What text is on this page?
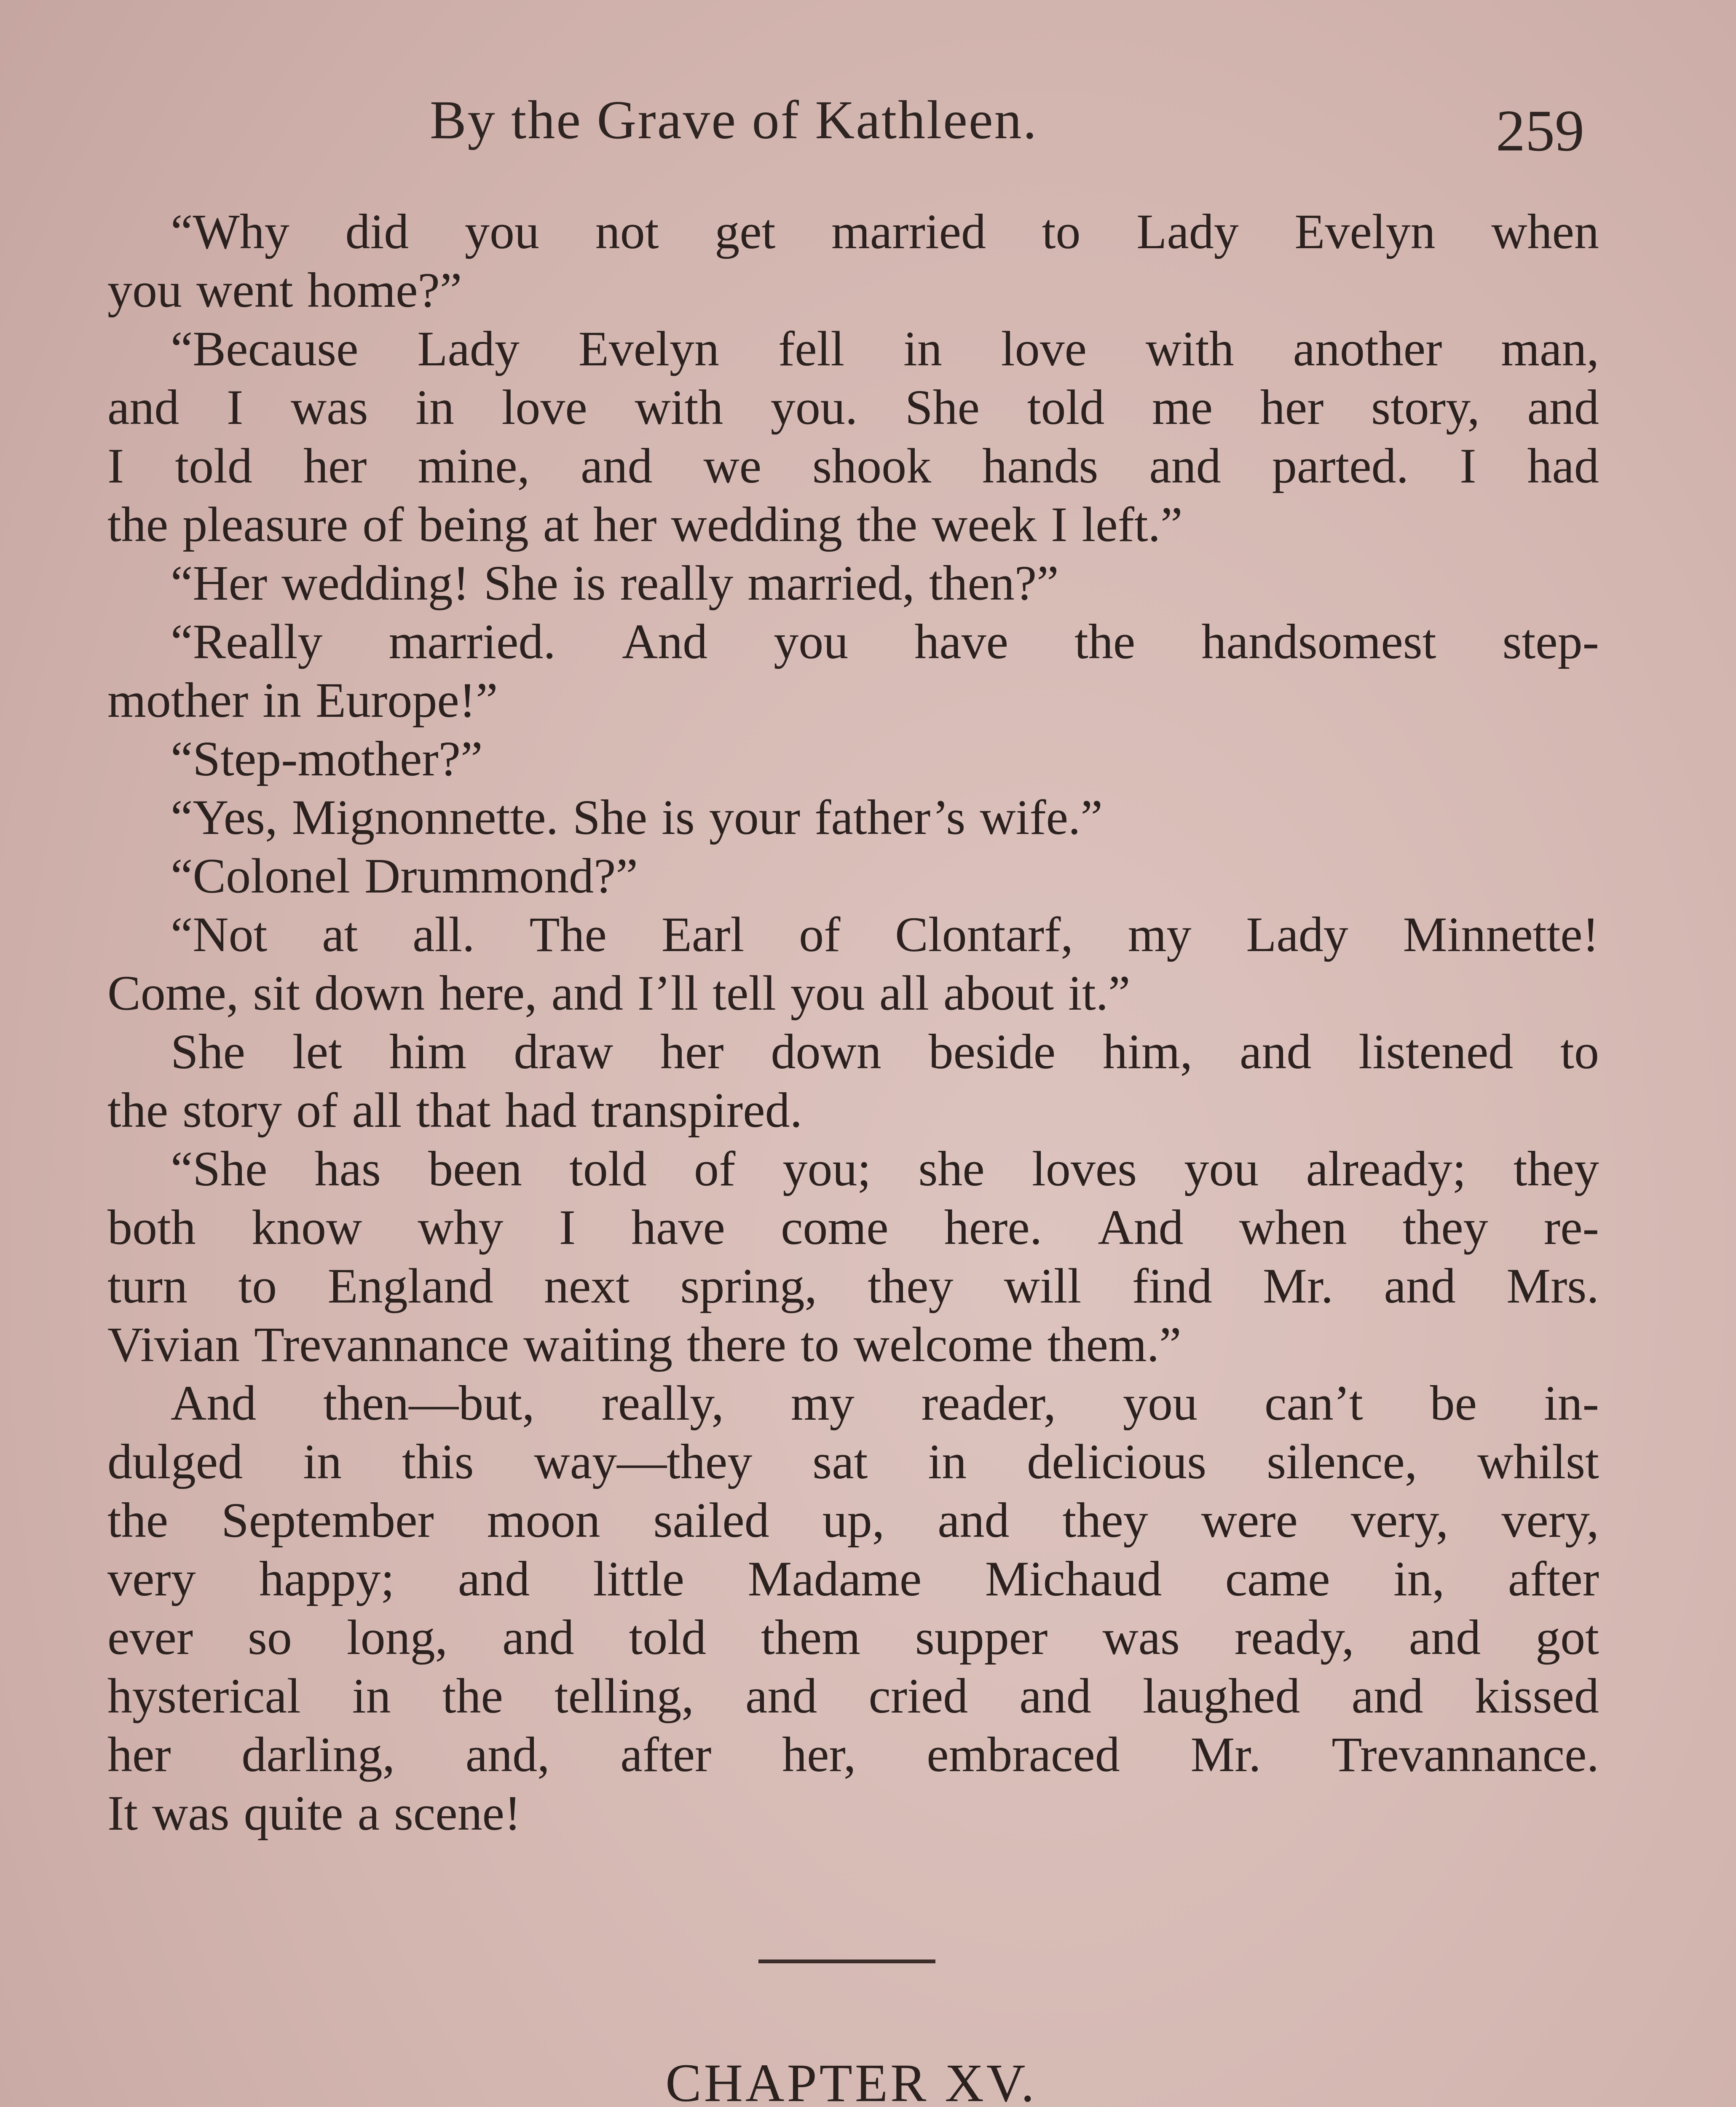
By the Grave of Kathleen.	259
“Why did you not get married to Lady Evelyn when
you went home?”
“Because Lady Evelyn fell in love with another man,
and I was in love with you. She told me her story, and
I told her mine, and we shook hands and parted. I had
the pleasure of being at her wedding the week I left.”
“Her wedding! She is really married, then?”
“Really married. And you have the handsomest step-
mother in Europe!”
“Step-mother?”
“Yes, Mignonnette. She is your father’s wife.”
“Colonel Drummond?”
“Not at all. The Earl of Clontarf, my Lady Minnette!
Come, sit down here, and I’ll tell you all about it.”
She let him draw her down beside him, and listened to
the story of all that had transpired.
“She has been told of you; she loves you already; they
both know why I have come here. And when they re-
turn to England next spring, they will find Mr. and Mrs.
Vivian Trevannance waiting there to welcome them.”
And then—but, really, my reader, you can’t be in-
dulged in this way—they sat in delicious silence, whilst
the September moon sailed up, and they were very, very,
very happy; and little Madame Michaud came in, after
ever so long, and told them supper was ready, and got
hysterical in the telling, and cried and laughed and kissed
her darling, and, after her, embraced Mr. Trevannance.
It was quite a scene!
CHAPTER XV.
